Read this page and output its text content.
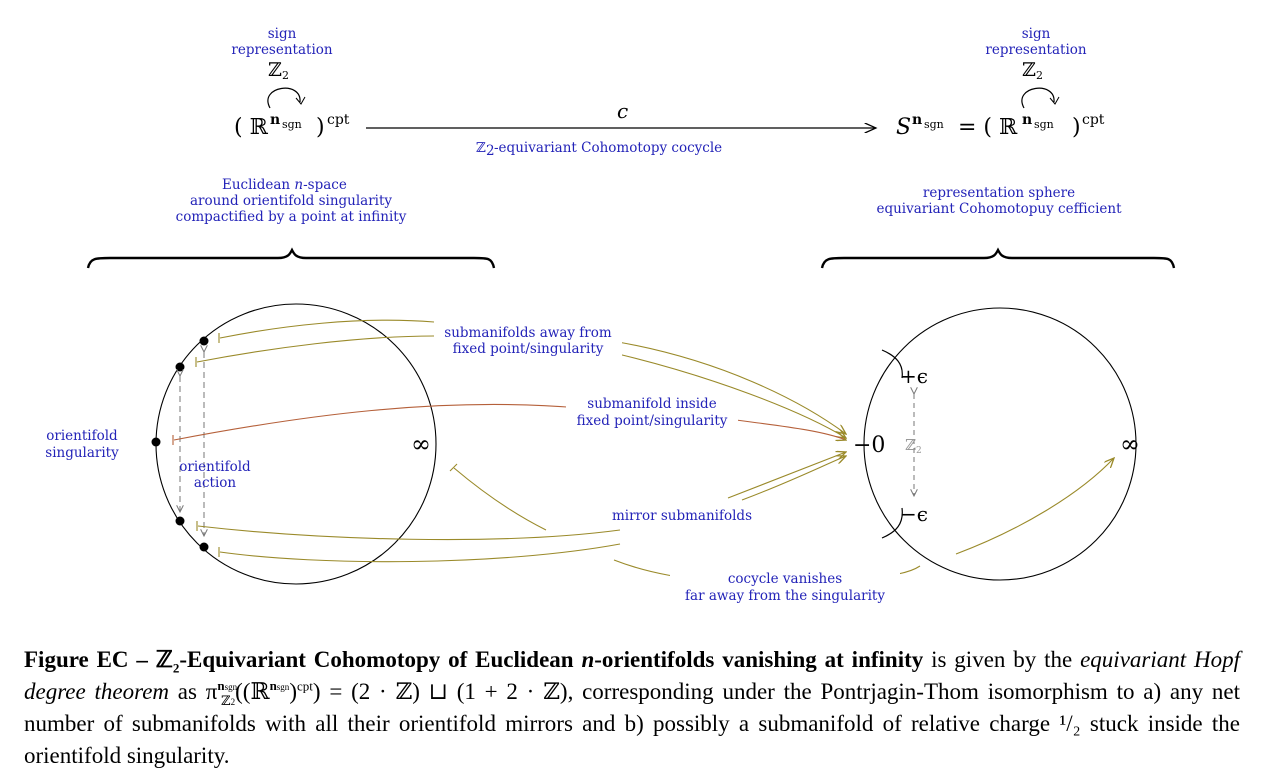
sign
representation
ℤ 2
( ℝ n sgn ) cpt	c
ℤ 2 -equivariant Cohomotopy cocycle
sign
representation
ℤ 2
S n sgn = ( ℝ n sgn ) cpt
Euclidean n-space
around orientifold singularity
compactified by a point at infinity
representation sphere
equivariant Cohomotopuy cefficient
∞
orientifold
singularity
orientifold
action
∞
+ϵ
−ϵ
−0 ℤ 2
submanifolds away from
fixed point/singularity
submanifold inside
fixed point/singularity
mirror submanifolds
cocycle vanishes
far away from the singularity
Figure EC – ℤ$_2$-Equivariant Cohomotopy of Euclidean n-orientifolds vanishing at infinity is given by the equivariant Hopf degree theorem as $\pi^{nsgn}_{ℤ2}((ℝ^{nsgn})^{cpt}) = (2$ · ℤ) ⊔ (1 + 2 · ℤ), corresponding under the Pontrjagin-Thom isomorphism to a) any net number of submanifolds with all their orientifold mirrors and b) possibly a submanifold of relative charge ¹/₂ stuck inside the orientifold singularity.
